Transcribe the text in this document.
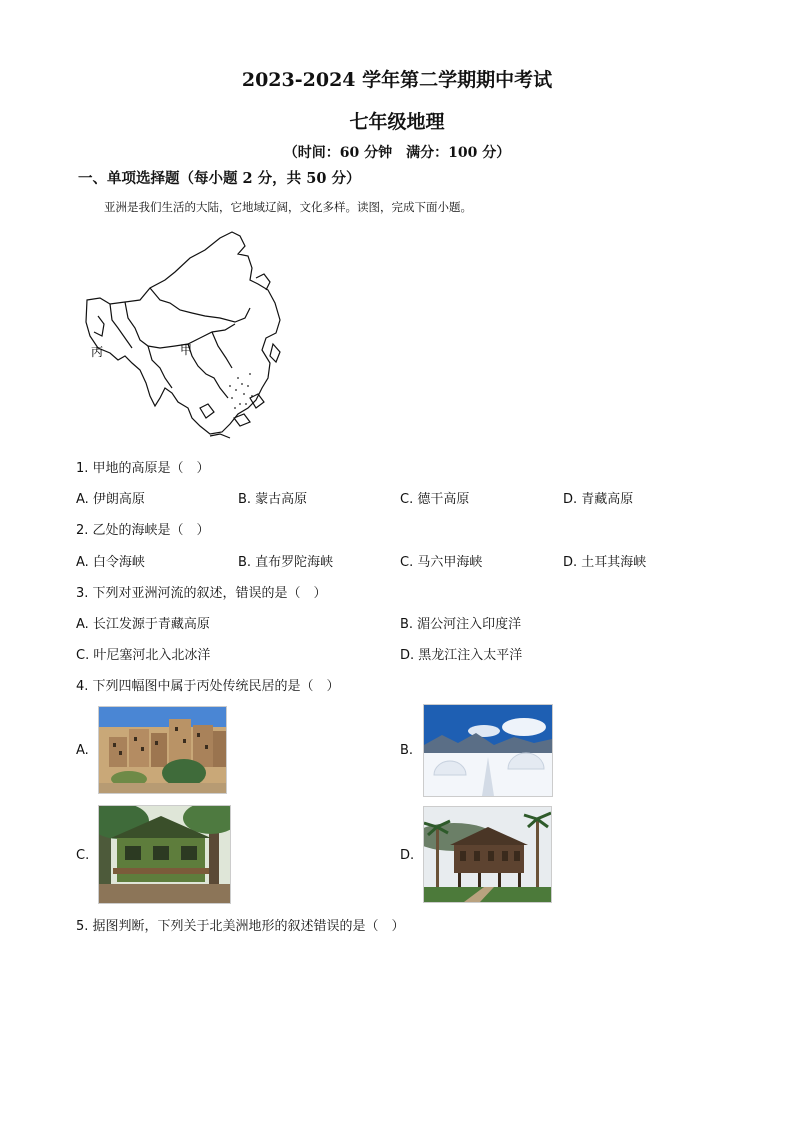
2023-2024 学年第二学期期中考试
七年级地理
（时间：60 分钟　满分：100 分）
一、单项选择题（每小题 2 分，共 50 分）
亚洲是我们生活的大陆，它地域辽阔，文化多样。读图，完成下面小题。
丙	甲
1. 甲地的高原是（　）
A. 伊朗高原	B. 蒙古高原	C. 德干高原	D. 青藏高原
2. 乙处的海峡是（　）
A. 白令海峡	B. 直布罗陀海峡	C. 马六甲海峡	D. 土耳其海峡
3. 下列对亚洲河流的叙述，错误的是（　）
A. 长江发源于青藏高原	B. 湄公河注入印度洋
C. 叶尼塞河北入北冰洋	D. 黑龙江注入太平洋
4. 下列四幅图中属于丙处传统民居的是（　）
A.	B.
C.	D.
5. 据图判断，下列关于北美洲地形的叙述错误的是（　）
